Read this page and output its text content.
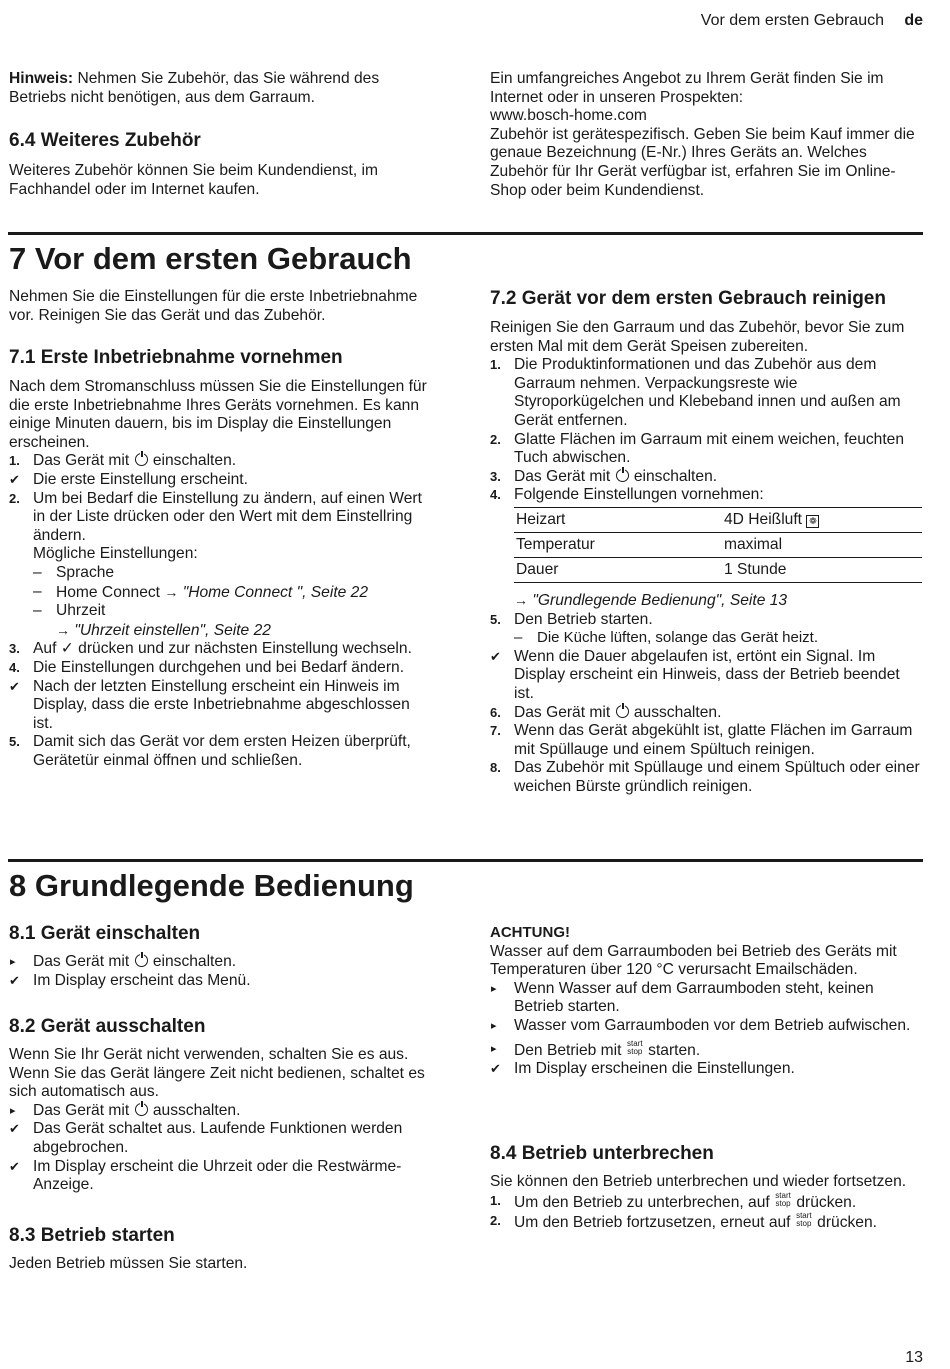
Vor dem ersten Gebrauch de

Hinweis: Nehmen Sie Zubehör, das Sie während des Betriebs nicht benötigen, aus dem Garraum.

6.4 Weiteres Zubehör
Weiteres Zubehör können Sie beim Kundendienst, im Fachhandel oder im Internet kaufen.

Ein umfangreiches Angebot zu Ihrem Gerät finden Sie im Internet oder in unseren Prospekten:

www.bosch-home.com

Zubehör ist gerätespezifisch. Geben Sie beim Kauf immer die genaue Bezeichnung (E-Nr.) Ihres Geräts an. Welches Zubehör für Ihr Gerät verfügbar ist, erfahren Sie im Online-Shop oder beim Kundendienst.

7 Vor dem ersten Gebrauch
Nehmen Sie die Einstellungen für die erste Inbetriebnahme vor. Reinigen Sie das Gerät und das Zubehör.
7.1 Erste Inbetriebnahme vornehmen

Nach dem Stromanschluss müssen Sie die Einstellungen für die erste Inbetriebnahme Ihres Geräts vornehmen. Es kann einige Minuten dauern, bis im Display die Einstellungen erscheinen.

1. Das Gerät mit  einschalten.
✔ Die erste Einstellung erscheint.
2. Um bei Bedarf die Einstellung zu ändern, auf einen Wert in der Liste drücken oder den Wert mit dem Einstellring ändern.

Mögliche Einstellungen:

– Sprache
– Home Connect → "Home Connect ", Seite 22
– Uhrzeit

→ "Uhrzeit einstellen", Seite 22

3. Auf ✓ drücken und zur nächsten Einstellung wechseln.
4. Die Einstellungen durchgehen und bei Bedarf ändern.
✔ Nach der letzten Einstellung erscheint ein Hinweis im Display, dass die erste Inbetriebnahme abgeschlossen ist.
5. Damit sich das Gerät vor dem ersten Heizen überprüft, Gerätetür einmal öffnen und schließen.
7.2 Gerät vor dem ersten Gebrauch reinigen

Reinigen Sie den Garraum und das Zubehör, bevor Sie zum ersten Mal mit dem Gerät Speisen zubereiten.

1. Die Produktinformationen und das Zubehör aus dem Garraum nehmen. Verpackungsreste wie Styroporkügelchen und Klebeband innen und außen am Gerät entfernen.
2. Glatte Flächen im Garraum mit einem weichen, feuchten Tuch abwischen.
3. Das Gerät mit  einschalten.
4. Folgende Einstellungen vornehmen:
Heizart	4D Heißluft ❁
Temperatur	maximal
Dauer	1 Stunde

→ "Grundlegende Bedienung", Seite 13

5. Den Betrieb starten.
– Die Küche lüften, solange das Gerät heizt.
✔ Wenn die Dauer abgelaufen ist, ertönt ein Signal. Im Display erscheint ein Hinweis, dass der Betrieb beendet ist.
6. Das Gerät mit  ausschalten.
7. Wenn das Gerät abgekühlt ist, glatte Flächen im Garraum mit Spüllauge und einem Spültuch reinigen.
8. Das Zubehör mit Spüllauge und einem Spültuch oder einer weichen Bürste gründlich reinigen.
8 Grundlegende Bedienung
8.1 Gerät einschalten
▸ Das Gerät mit  einschalten.
✔ Im Display erscheint das Menü.
8.2 Gerät ausschalten

Wenn Sie Ihr Gerät nicht verwenden, schalten Sie es aus. Wenn Sie das Gerät längere Zeit nicht bedienen, schaltet es sich automatisch aus.

▸ Das Gerät mit  ausschalten.
✔ Das Gerät schaltet aus. Laufende Funktionen werden abgebrochen.
✔ Im Display erscheint die Uhrzeit oder die Restwärme-Anzeige.
8.3 Betrieb starten
Jeden Betrieb müssen Sie starten.

ACHTUNG!

Wasser auf dem Garraumboden bei Betrieb des Geräts mit Temperaturen über 120 °C verursacht Emailschäden.

▸ Wenn Wasser auf dem Garraumboden steht, keinen Betrieb starten.
▸ Wasser vom Garraumboden vor dem Betrieb aufwischen.
▸ Den Betrieb mit start
stop starten.
✔ Im Display erscheinen die Einstellungen.
8.4 Betrieb unterbrechen

Sie können den Betrieb unterbrechen und wieder fortsetzen.

1. Um den Betrieb zu unterbrechen, auf start
stop drücken.
2. Um den Betrieb fortzusetzen, erneut auf start
stop drücken.
13
